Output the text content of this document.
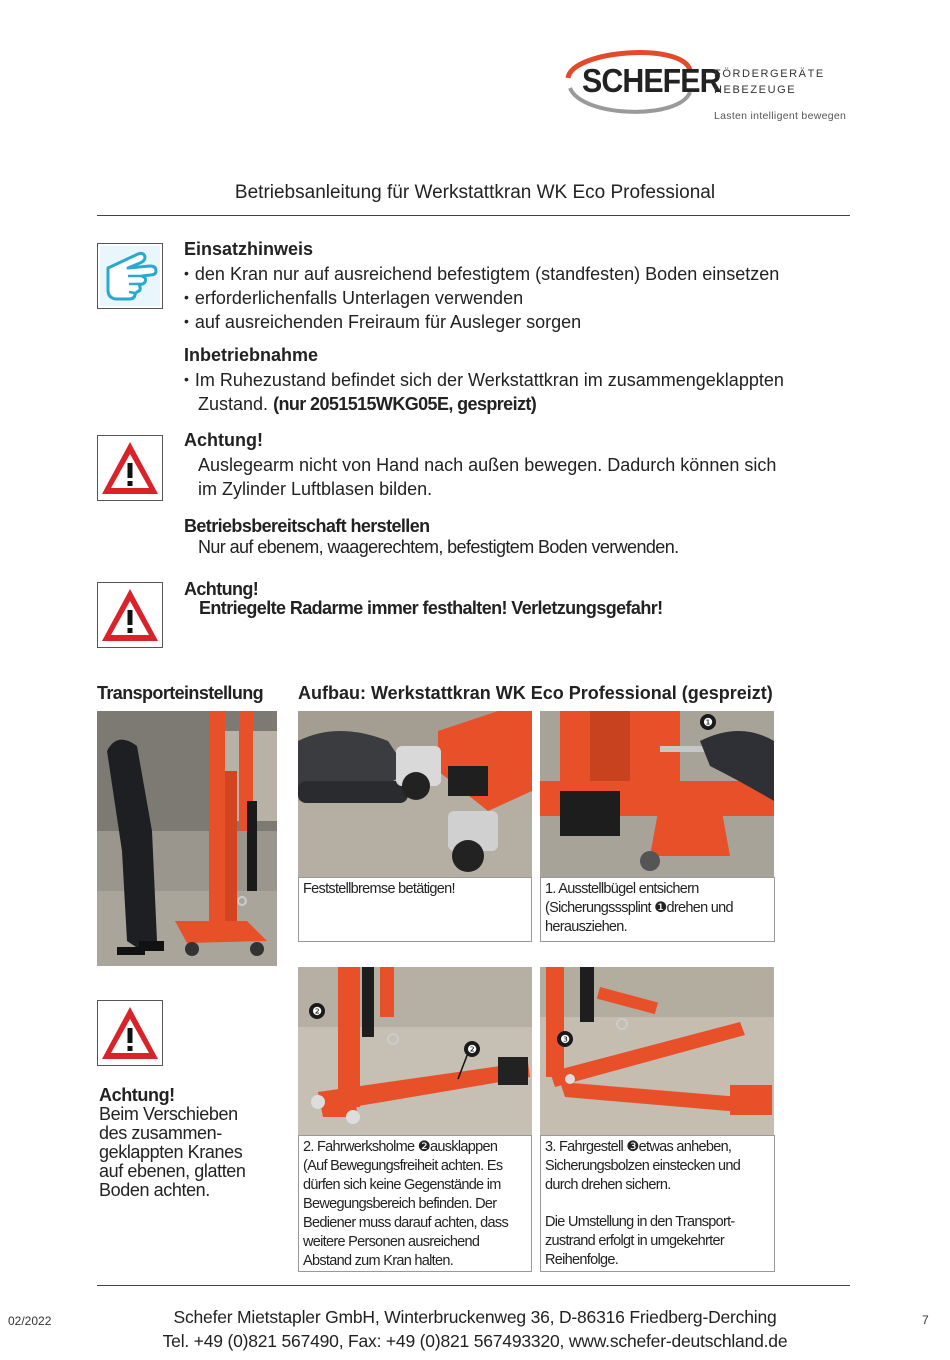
SCHEFER
FÖRDERGERÄTE
HEBEZEUGE
Lasten intelligent bewegen
Betriebsanleitung für Werkstattkran WK Eco Professional
Einsatzhinweis
• den Kran nur auf ausreichend befestigtem (standfesten) Boden einsetzen
• erforderlichenfalls Unterlagen verwenden
• auf ausreichenden Freiraum für Ausleger sorgen
Inbetriebnahme
• Im Ruhezustand befindet sich der Werkstattkran im zusammengeklappten
Zustand. (nur 2051515WKG05E, gespreizt)
Achtung!
Auslegearm nicht von Hand nach außen bewegen. Dadurch können sich
im Zylinder Luftblasen bilden.
Betriebsbereitschaft herstellen
Nur auf ebenem, waagerechtem, befestigtem Boden verwenden.
Achtung!
Entriegelte Radarme immer festhalten! Verletzungsgefahr!
Transporteinstellung Aufbau: Werkstattkran WK Eco Professional (gespreizt)
❶
Feststellbremse betätigen!	1. Ausstellbügel entsichern
(Sicherungsssplint ❶drehen und
herausziehen.
Achtung!
Beim Verschieben
des zusammen-
geklappten Kranes
auf ebenen, glatten
Boden achten.
❷
❷
❸
2. Fahrwerksholme ❷ausklappen
(Auf Bewegungsfreiheit achten. Es
dürfen sich keine Gegenstände im
Bewegungsbereich befinden. Der
Bediener muss darauf achten, dass
weitere Personen ausreichend
Abstand zum Kran halten.
3. Fahrgestell ❸etwas anheben,
Sicherungsbolzen einstecken und
durch drehen sichern.
Die Umstellung in den Transport-
zustrand erfolgt in umgekehrter
Reihenfolge.
Schefer Mietstapler GmbH, Winterbruckenweg 36, D-86316 Friedberg-Derching
Tel. +49 (0)821 567490, Fax: +49 (0)821 567493320, www.schefer-deutschland.de
02/2022	7
